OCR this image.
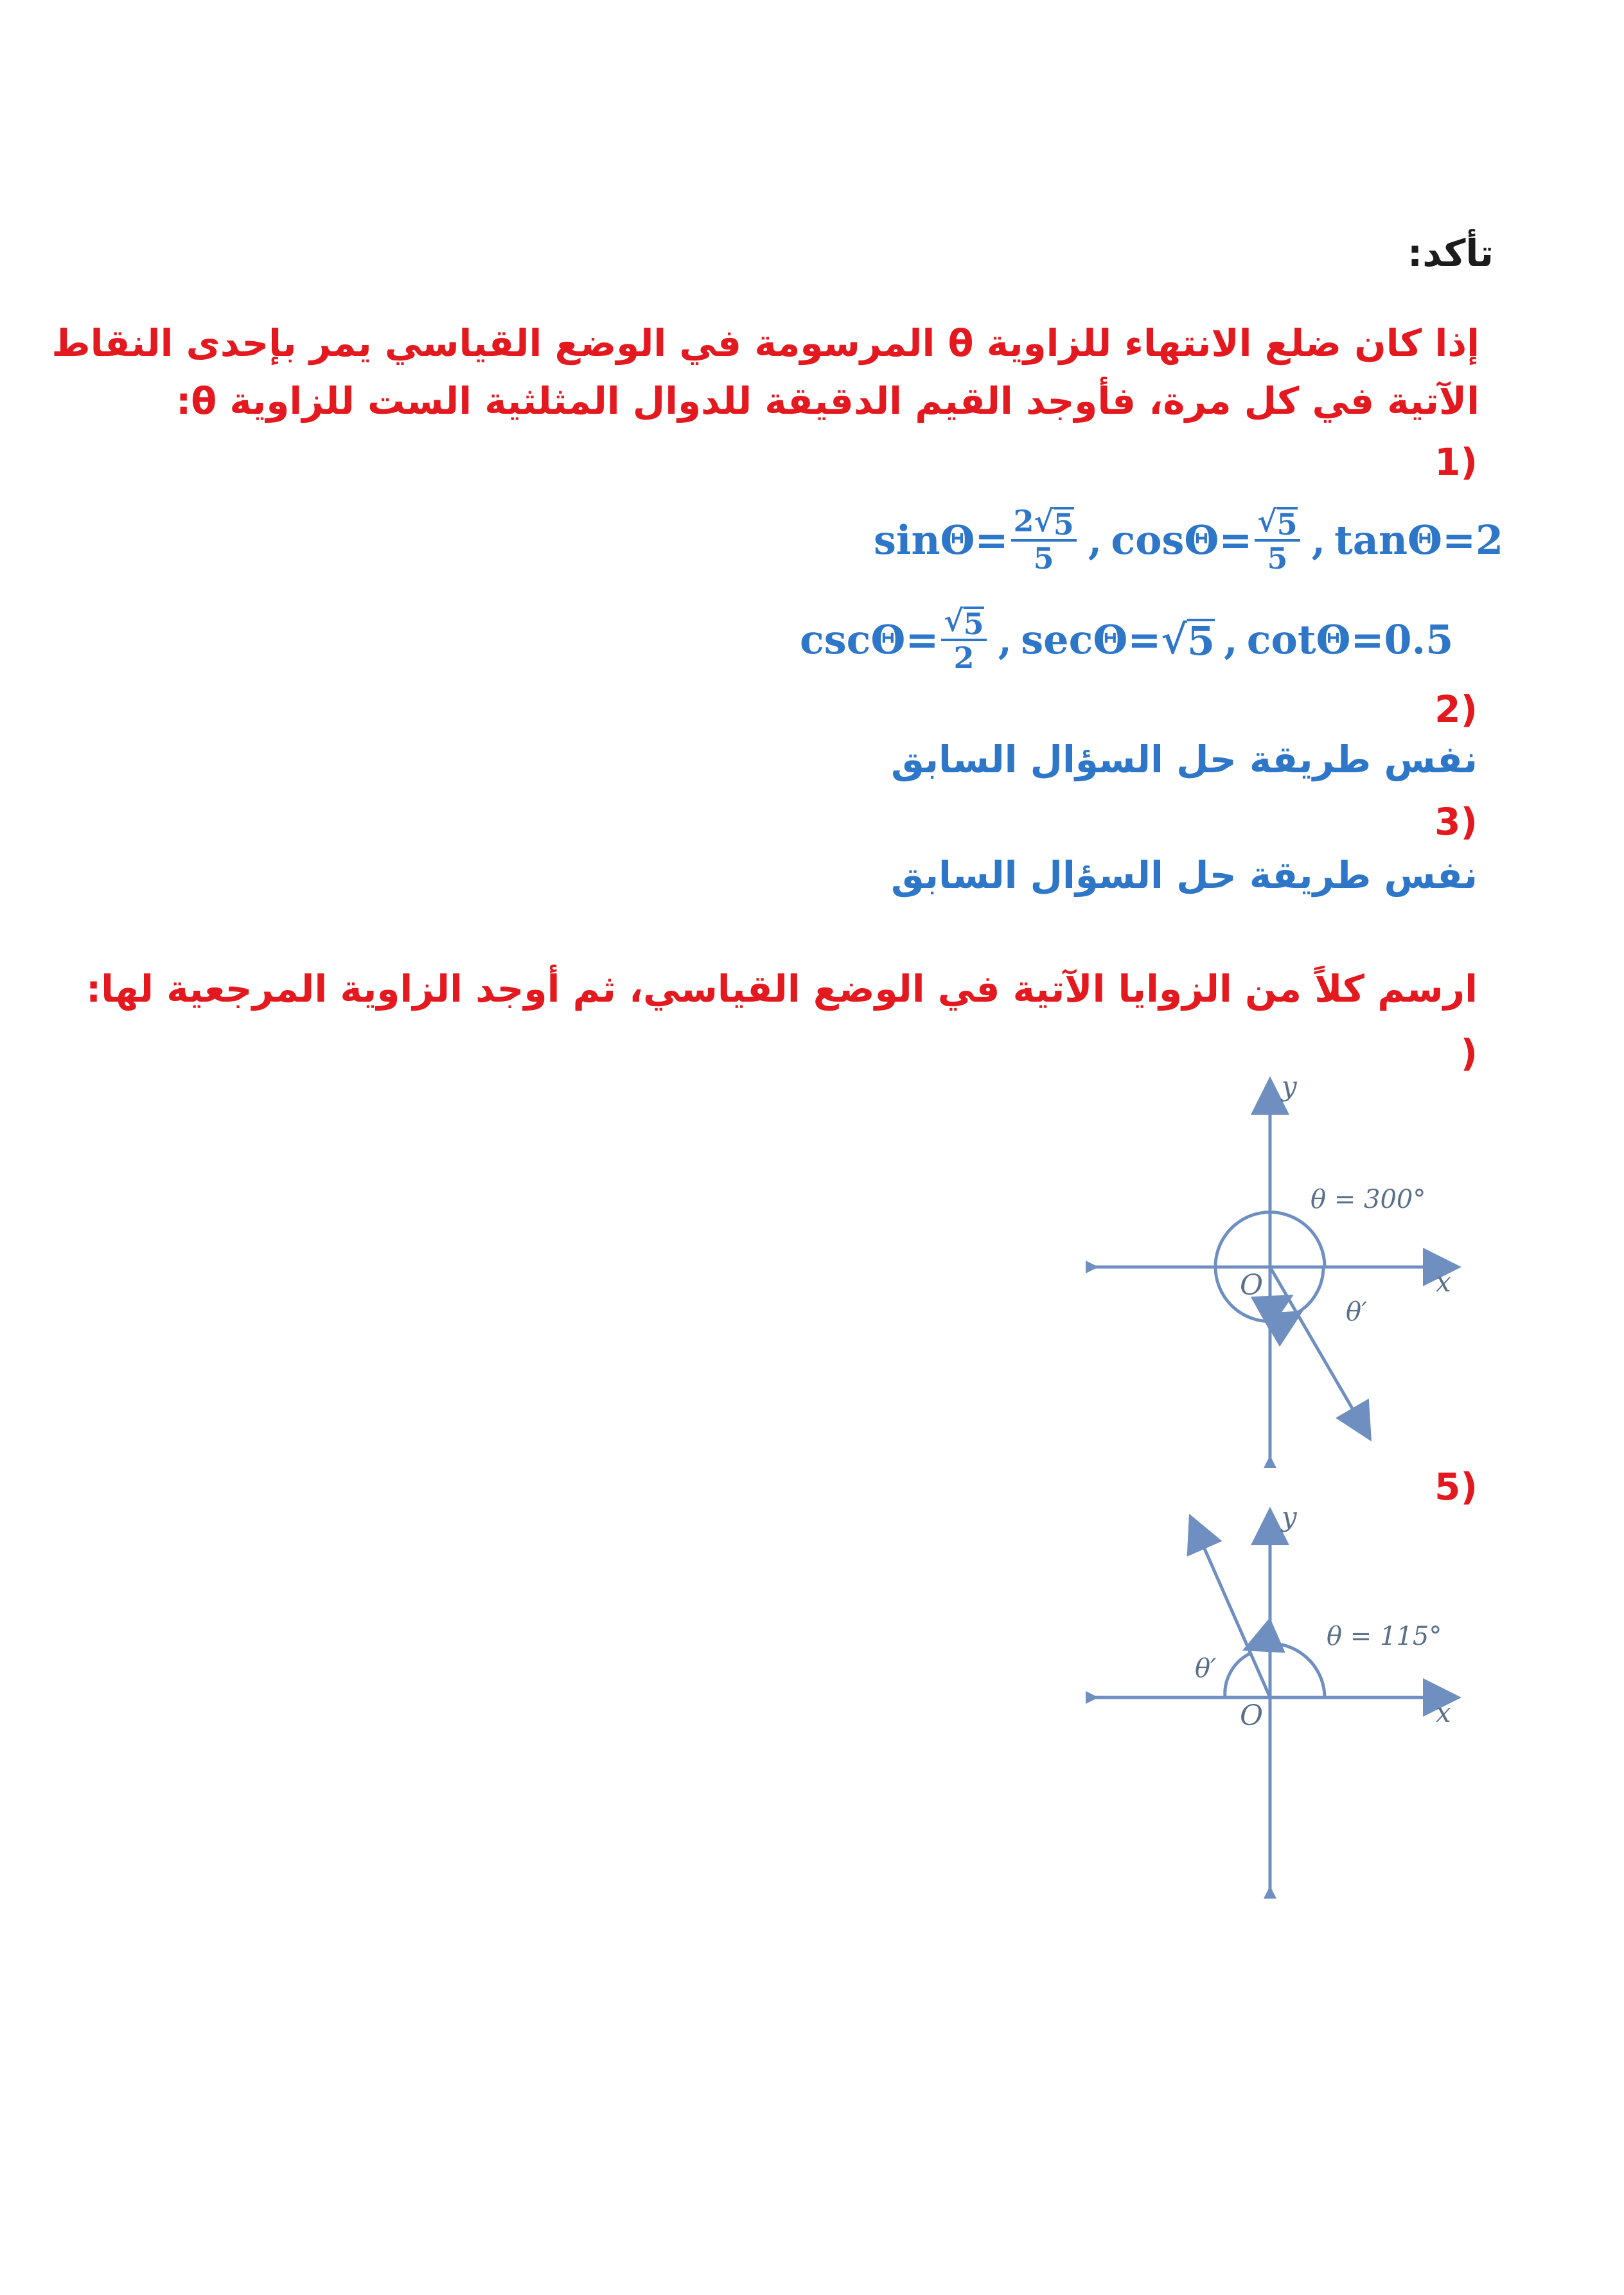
تأكد:
إذا كان ضلع الانتهاء للزاوية θ المرسومة في الوضع القياسي يمر بإحدى النقاط
الآتية في كل مرة، فأوجد القيم الدقيقة للدوال المثلثية الست للزاوية θ:
(1
$\sin\Theta= \frac{2 √ 5}{5}$ , $\cos\Theta= \frac{√ 5}{5}$ , tanΘ=2
$\csc\Theta= \frac{√ 5}{2}$ , secΘ= √ 5 , cotΘ=0.5
(2
نفس طريقة حل السؤال السابق
(3
نفس طريقة حل السؤال السابق
ارسم كلاً من الزوايا الآتية في الوضع القياسي، ثم أوجد الزاوية المرجعية لها:
(
θ = 300°
θ′
O	x
y
(5
θ = 115°
θ′
O	x
y
